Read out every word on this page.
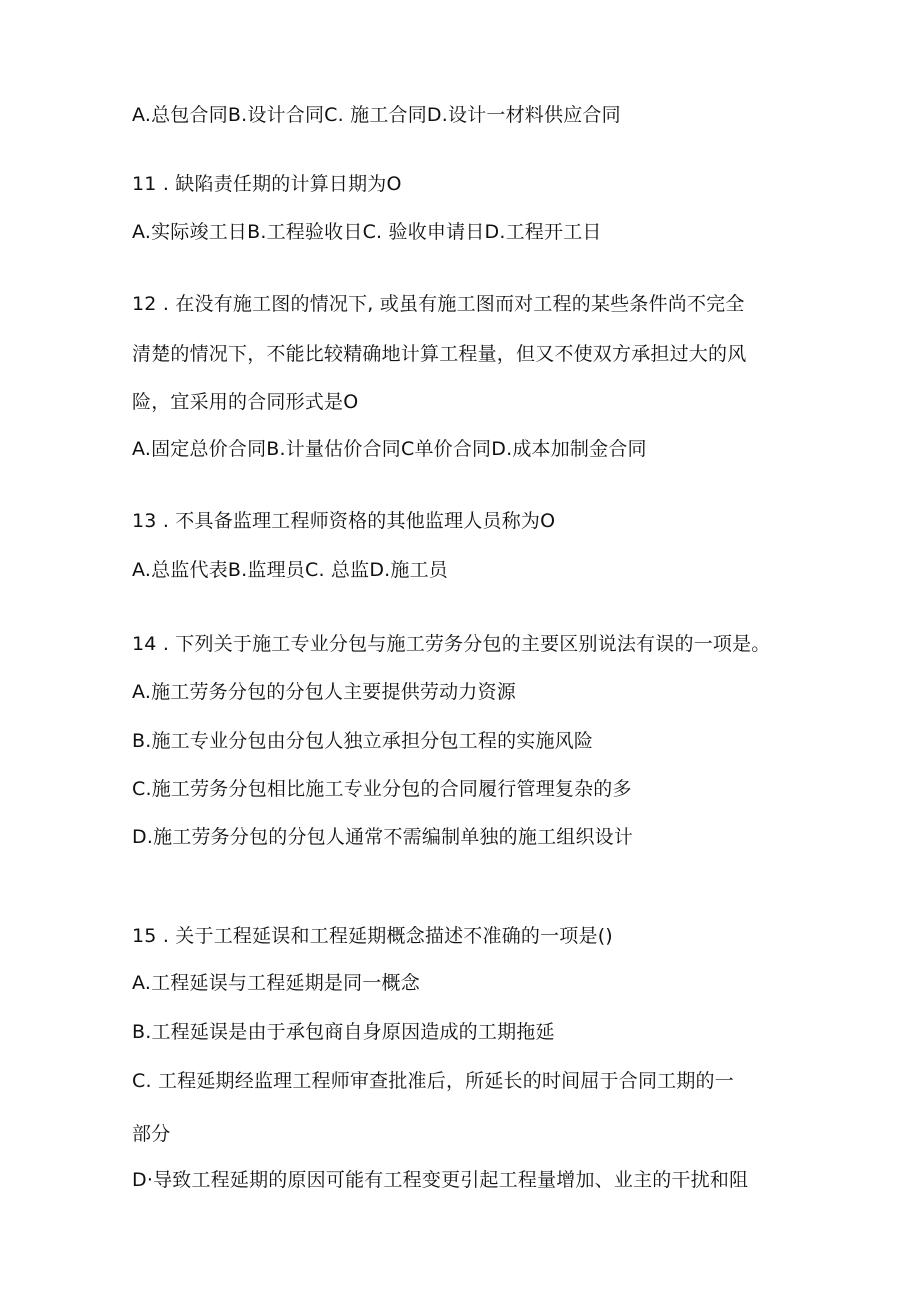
A.总包合同B.设计合同C. 施工合同D.设计一材料供应合同
11 . 缺陷责任期的计算日期为O
A.实际竣工日B.工程验收日C. 验收申请日D.工程开工日
12 . 在没有施工图的情况下, 或虽有施工图而对工程的某些条件尚不完全
清楚的情况下，不能比较精确地计算工程量，但又不使双方承担过大的风
险，宜采用的合同形式是O
A.固定总价合同B.计量估价合同C单价合同D.成本加制金合同
13 . 不具备监理工程师资格的其他监理人员称为O
A.总监代表B.监理员C. 总监D.施工员
14 . 下列关于施工专业分包与施工劳务分包的主要区别说法有误的一项是。
A.施工劳务分包的分包人主要提供劳动力资源
B.施工专业分包由分包人独立承担分包工程的实施风险
C.施工劳务分包相比施工专业分包的合同履行管理复杂的多
D.施工劳务分包的分包人通常不需编制单独的施工组织设计
15 . 关于工程延误和工程延期概念描述不准确的一项是()
A.工程延误与工程延期是同一概念
B.工程延误是由于承包商自身原因造成的工期拖延
C. 工程延期经监理工程师审查批准后，所延长的时间屈于合同工期的一
部分
D·导致工程延期的原因可能有工程变更引起工程量增加、业主的干扰和阻
